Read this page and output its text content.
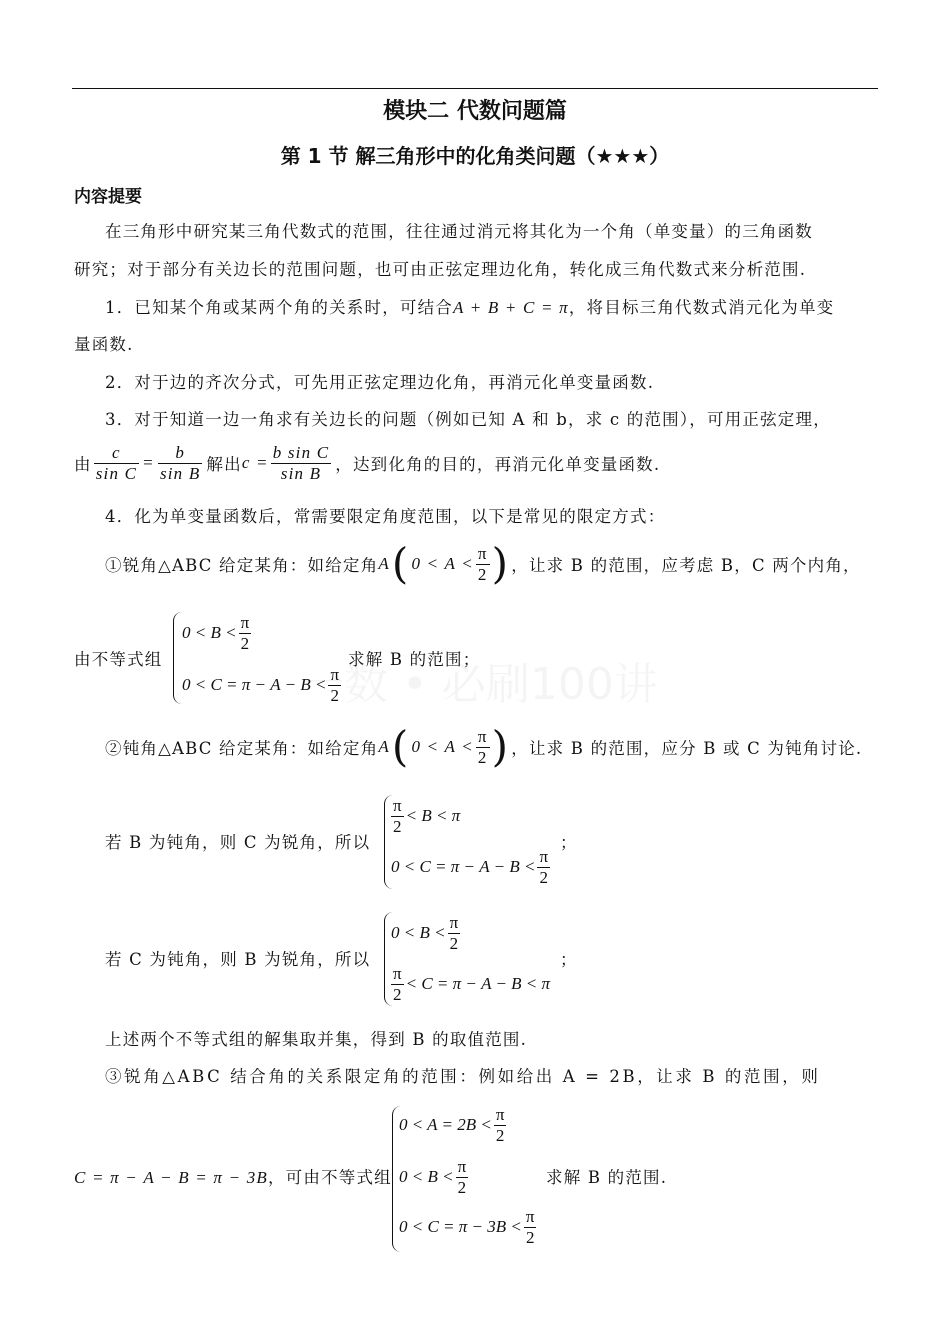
模块二 代数问题篇
第 1 节 解三角形中的化角类问题（★★★）
内容提要
在三角形中研究某三角代数式的范围，往往通过消元将其化为一个角（单变量）的三角函数
研究；对于部分有关边长的范围问题，也可由正弦定理边化角，转化成三角代数式来分析范围.
1．已知某个角或某两个角的关系时，可结合A + B + C = π，将目标三角代数式消元化为单变
量函数.
2．对于边的齐次分式，可先用正弦定理边化角，再消元化单变量函数.
3．对于知道一边一角求有关边长的问题（例如已知 A 和 b，求 c 的范围），可用正弦定理，
由 $\frac{c}{\text{sin C}} = \frac{b}{\text{sin B}}$ 解出 $c = \frac{\text{b sin C}}{\text{sin B}}$ ，达到化角的目的，再消元化单变量函数.
4．化为单变量函数后，常需要限定角度范围，以下是常见的限定方式：
①锐角△ABC 给定某角：如给定角 A ( $0 < A < \frac{\pi}{2}$ ) ，让求 B 的范围，应考虑 B，C 两个内角，
由不等式组
$0 < B < \frac{\pi}{2}$
$0 < C = \pi - A - B < \frac{\pi}{2}$
求解 B 的范围；
②钝角△ABC 给定某角：如给定角 A ( $0 < A < \frac{\pi}{2}$ ) ，让求 B 的范围，应分 B 或 C 为钝角讨论.
若 B 为钝角，则 C 为锐角，所以
$\frac{\pi}{2} < B < \pi$
$0 < C = \pi - A - B < \frac{\pi}{2}$
；
若 C 为钝角，则 B 为锐角，所以
$0 < B < \frac{\pi}{2}$
$\frac{\pi}{2} < C = \pi - A - B < \pi$
；
上述两个不等式组的解集取并集，得到 B 的取值范围.
③锐角△ABC 结合角的关系限定角的范围：例如给出 A = 2B，让求 B 的范围，则
C = π − A − B = π − 3B，可由不等式组
$0 < A = 2B < \frac{\pi}{2}$
$0 < B < \frac{\pi}{2}$
$0 < C = \pi - 3B < \frac{\pi}{2}$
求解 B 的范围.
